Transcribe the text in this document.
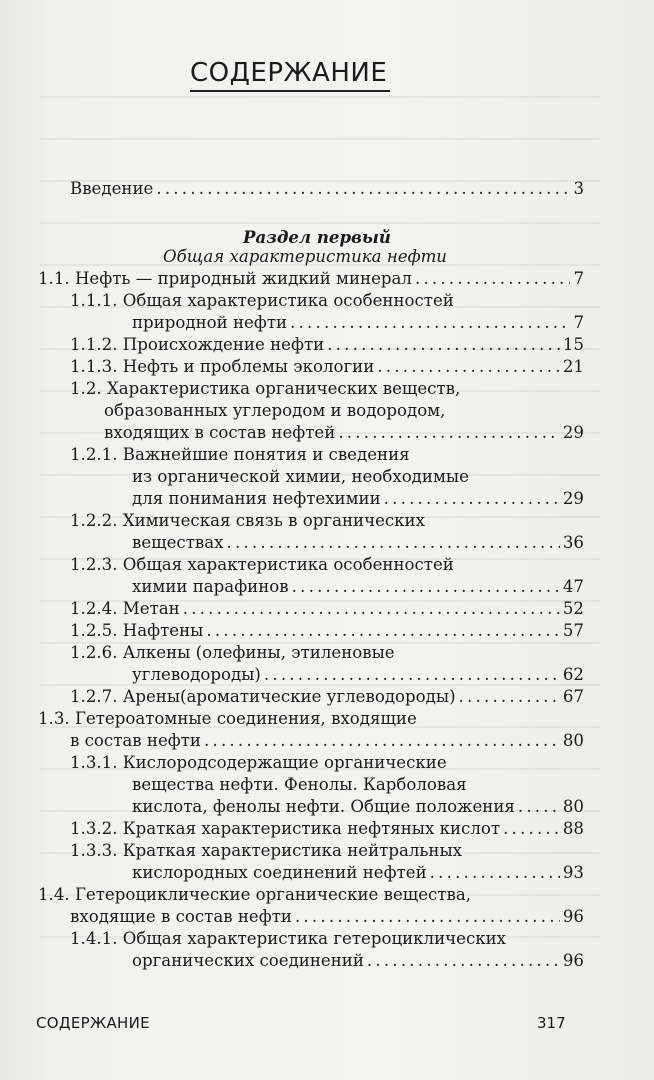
СОДЕРЖАНИЕ
Введение .....	3
Раздел первый
Общая характеристика нефти
1.1. Нефть — природный жидкий минерал .....	7
1.1.1. Общая характеристика особенностей
природной нефти .....	7
1.1.2. Происхождение нефти .....	15
1.1.3. Нефть и проблемы экологии .....	21
1.2. Характеристика органических веществ,
образованных углеродом и водородом,
входящих в состав нефтей .....	29
1.2.1. Важнейшие понятия и сведения
из органической химии, необходимые
для понимания нефтехимии .....	29
1.2.2. Химическая связь в органических
веществах .....	36
1.2.3. Общая характеристика особенностей
химии парафинов .....	47
1.2.4. Метан .....	52
1.2.5. Нафтены .....	57
1.2.6. Алкены (олефины, этиленовые
углеводороды) .....	62
1.2.7. Арены(ароматические углеводороды) .....	67
1.3. Гетероатомные соединения, входящие
в состав нефти .....	80
1.3.1. Кислородсодержащие органические
вещества нефти. Фенолы. Карболовая
кислота, фенолы нефти. Общие положения .....	80
1.3.2. Краткая характеристика нефтяных кислот .....	88
1.3.3. Краткая характеристика нейтральных
кислородных соединений нефтей .....	93
1.4. Гетероциклические органические вещества,
входящие в состав нефти .....	96
1.4.1. Общая характеристика гетероциклических
органических соединений .....	96
СОДЕРЖАНИЕ	317
